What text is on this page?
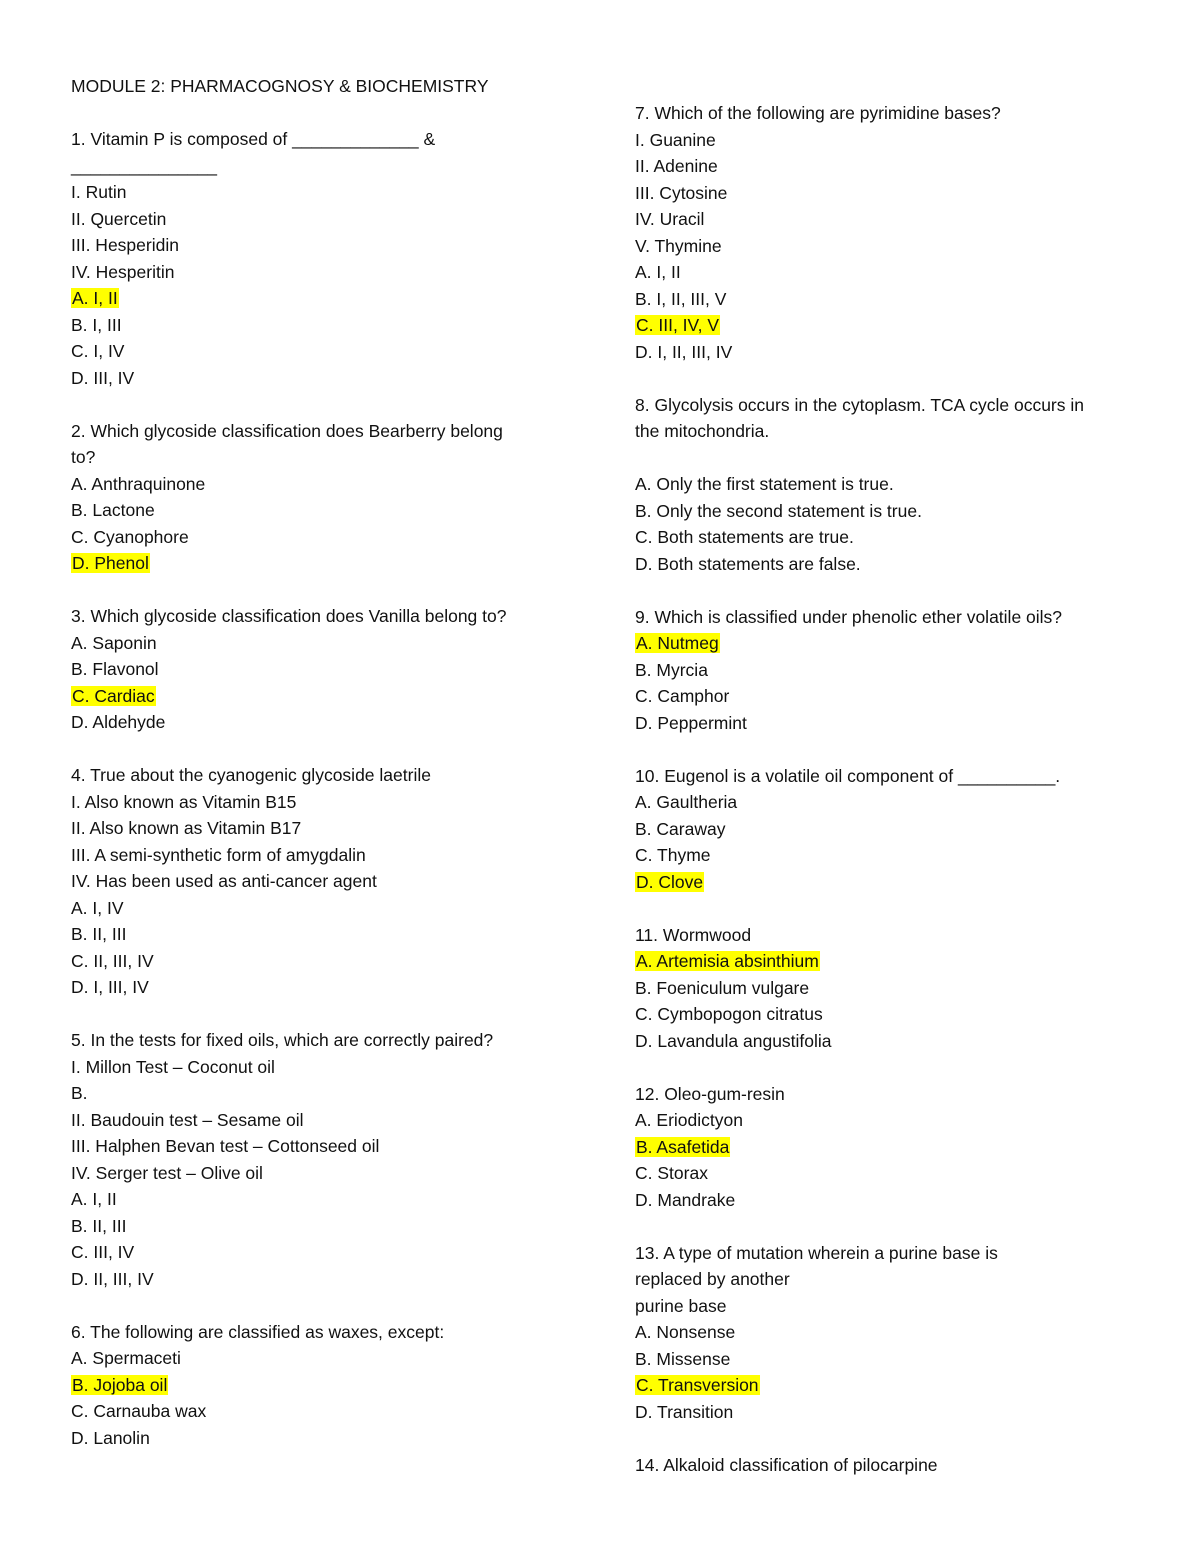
MODULE 2: PHARMACOGNOSY & BIOCHEMISTRY
1. Vitamin P is composed of _____________ &
_______________
I. Rutin
II. Quercetin
III. Hesperidin
IV. Hesperitin
A. I, II
B. I, III
C. I, IV
D. III, IV
2. Which glycoside classification does Bearberry belong
to?
A. Anthraquinone
B. Lactone
C. Cyanophore
D. Phenol
3. Which glycoside classification does Vanilla belong to?
A. Saponin
B. Flavonol
C. Cardiac
D. Aldehyde
4. True about the cyanogenic glycoside laetrile
I. Also known as Vitamin B15
II. Also known as Vitamin B17
III. A semi-synthetic form of amygdalin
IV. Has been used as anti-cancer agent
A. I, IV
B. II, III
C. II, III, IV
D. I, III, IV
5. In the tests for fixed oils, which are correctly paired?
I. Millon Test – Coconut oil
B.
II. Baudouin test – Sesame oil
III. Halphen Bevan test – Cottonseed oil
IV. Serger test – Olive oil
A. I, II
B. II, III
C. III, IV
D. II, III, IV
6. The following are classified as waxes, except:
A. Spermaceti
B. Jojoba oil
C. Carnauba wax
D. Lanolin
7. Which of the following are pyrimidine bases?
I. Guanine
II. Adenine
III. Cytosine
IV. Uracil
V. Thymine
A. I, II
B. I, II, III, V
C. III, IV, V
D. I, II, III, IV
8. Glycolysis occurs in the cytoplasm. TCA cycle occurs in
the mitochondria.
A. Only the first statement is true.
B. Only the second statement is true.
C. Both statements are true.
D. Both statements are false.
9. Which is classified under phenolic ether volatile oils?
A. Nutmeg
B. Myrcia
C. Camphor
D. Peppermint
10. Eugenol is a volatile oil component of __________.
A. Gaultheria
B. Caraway
C. Thyme
D. Clove
11. Wormwood
A. Artemisia absinthium
B. Foeniculum vulgare
C. Cymbopogon citratus
D. Lavandula angustifolia
12. Oleo-gum-resin
A. Eriodictyon
B. Asafetida
C. Storax
D. Mandrake
13. A type of mutation wherein a purine base is
replaced by another
purine base
A. Nonsense
B. Missense
C. Transversion
D. Transition
14. Alkaloid classification of pilocarpine
